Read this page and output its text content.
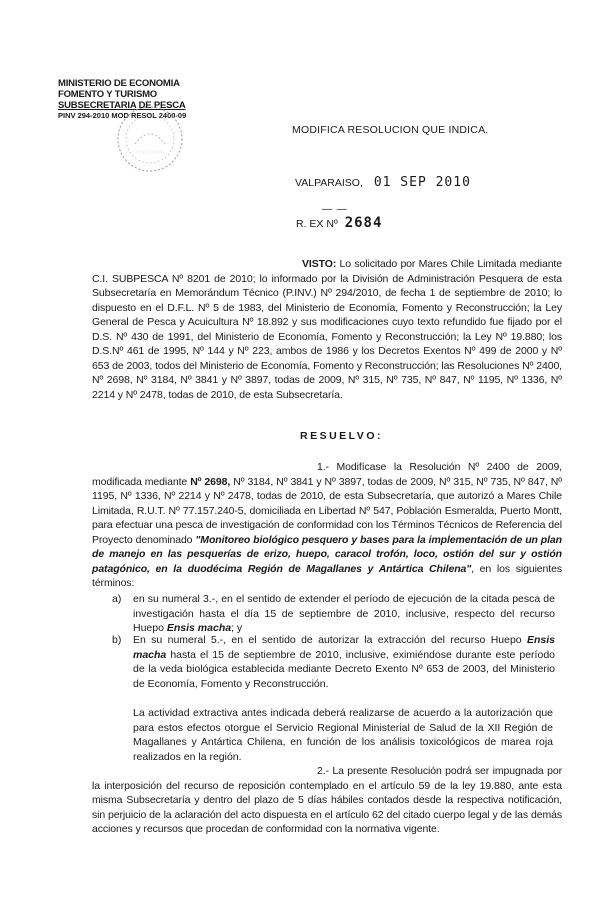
MINISTERIO DE ECONOMIA
FOMENTO Y TURISMO
SUBSECRETARIA DE PESCA
PINV 294-2010 MOD RESOL 2400-09
MODIFICA RESOLUCION QUE INDICA.
VALPARAISO, 01 SEP 2010
— —
R. EX Nº 2684
VISTO: Lo solicitado por Mares Chile Limitada mediante C.I. SUBPESCA Nº 8201 de 2010; lo informado por la División de Administración Pesquera de esta Subsecretaría en Memorándum Técnico (P.INV.) Nº 294/2010, de fecha 1 de septiembre de 2010; lo dispuesto en el D.F.L. Nº 5 de 1983, del Ministerio de Economía, Fomento y Reconstrucción; la Ley General de Pesca y Acuicultura Nº 18.892 y sus modificaciones cuyo texto refundido fue fijado por el D.S. Nº 430 de 1991, del Ministerio de Economía, Fomento y Reconstrucción; la Ley Nº 19.880; los D.S.Nº 461 de 1995, Nº 144 y Nº 223, ambos de 1986 y los Decretos Exentos Nº 499 de 2000 y Nº 653 de 2003, todos del Ministerio de Economía, Fomento y Reconstrucción; las Resoluciones Nº 2400, Nº 2698, Nº 3184, Nº 3841 y Nº 3897, todas de 2009, Nº 315, Nº 735, Nº 847, Nº 1195, Nº 1336, Nº 2214 y Nº 2478, todas de 2010, de esta Subsecretaría.
RESUELVO:
1.- Modifícase la Resolución Nº 2400 de 2009, modificada mediante Nº 2698, Nº 3184, Nº 3841 y Nº 3897, todas de 2009, Nº 315, Nº 735, Nº 847, Nº 1195, Nº 1336, Nº 2214 y Nº 2478, todas de 2010, de esta Subsecretaría, que autorizó a Mares Chile Limitada, R.U.T. Nº 77.157.240-5, domiciliada en Libertad Nº 547, Población Esmeralda, Puerto Montt, para efectuar una pesca de investigación de conformidad con los Términos Técnicos de Referencia del Proyecto denominado "Monitoreo biológico pesquero y bases para la implementación de un plan de manejo en las pesquerías de erizo, huepo, caracol trofón, loco, ostión del sur y ostión patagónico, en la duodécima Región de Magallanes y Antártica Chilena", en los siguientes términos:
a) en su numeral 3.-, en el sentido de extender el período de ejecución de la citada pesca de investigación hasta el día 15 de septiembre de 2010, inclusive, respecto del recurso Huepo Ensis macha; y
b) En su numeral 5.-, en el sentido de autorizar la extracción del recurso Huepo Ensis macha hasta el 15 de septiembre de 2010, inclusive, eximiéndose durante este período de la veda biológica establecida mediante Decreto Exento Nº 653 de 2003, del Ministerio de Economía, Fomento y Reconstrucción.
La actividad extractiva antes indicada deberá realizarse de acuerdo a la autorización que para estos efectos otorgue el Servicio Regional Ministerial de Salud de la XII Región de Magallanes y Antártica Chilena, en función de los análisis toxicológicos de marea roja realizados en la región.
2.- La presente Resolución podrá ser impugnada por la interposición del recurso de reposición contemplado en el artículo 59 de la ley 19.880, ante esta misma Subsecretaría y dentro del plazo de 5 días hábiles contados desde la respectiva notificación, sin perjuicio de la aclaración del acto dispuesta en el artículo 62 del citado cuerpo legal y de las demás acciones y recursos que procedan de conformidad con la normativa vigente.
